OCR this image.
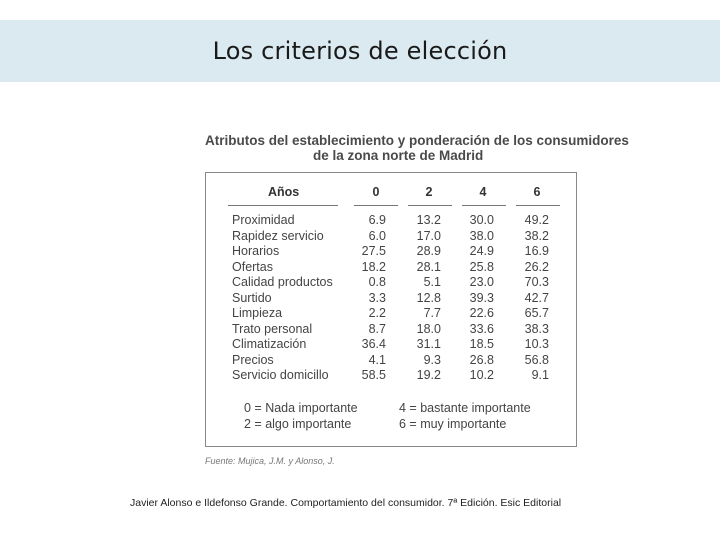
Los criterios de elección
Atributos del establecimiento y ponderación de los consumidores
de la zona norte de Madrid
Años	0	2	4	6
Proximidad	6.9	13.2	30.0	49.2
Rapidez servicio	6.0	17.0	38.0	38.2
Horarios	27.5	28.9	24.9	16.9
Ofertas	18.2	28.1	25.8	26.2
Calidad productos	0.8	5.1	23.0	70.3
Surtido	3.3	12.8	39.3	42.7
Limpieza	2.2	7.7	22.6	65.7
Trato personal	8.7	18.0	33.6	38.3
Climatización	36.4	31.1	18.5	10.3
Precios	4.1	9.3	26.8	56.8
Servicio domicillo	58.5	19.2	10.2	9.1
0 = Nada importante	4 = bastante importante
2 = algo importante	6 = muy importante
Fuente: Mujica, J.M. y Alonso, J.
Javier Alonso e Ildefonso Grande. Comportamiento del consumidor. 7ª Edición. Esic Editorial
